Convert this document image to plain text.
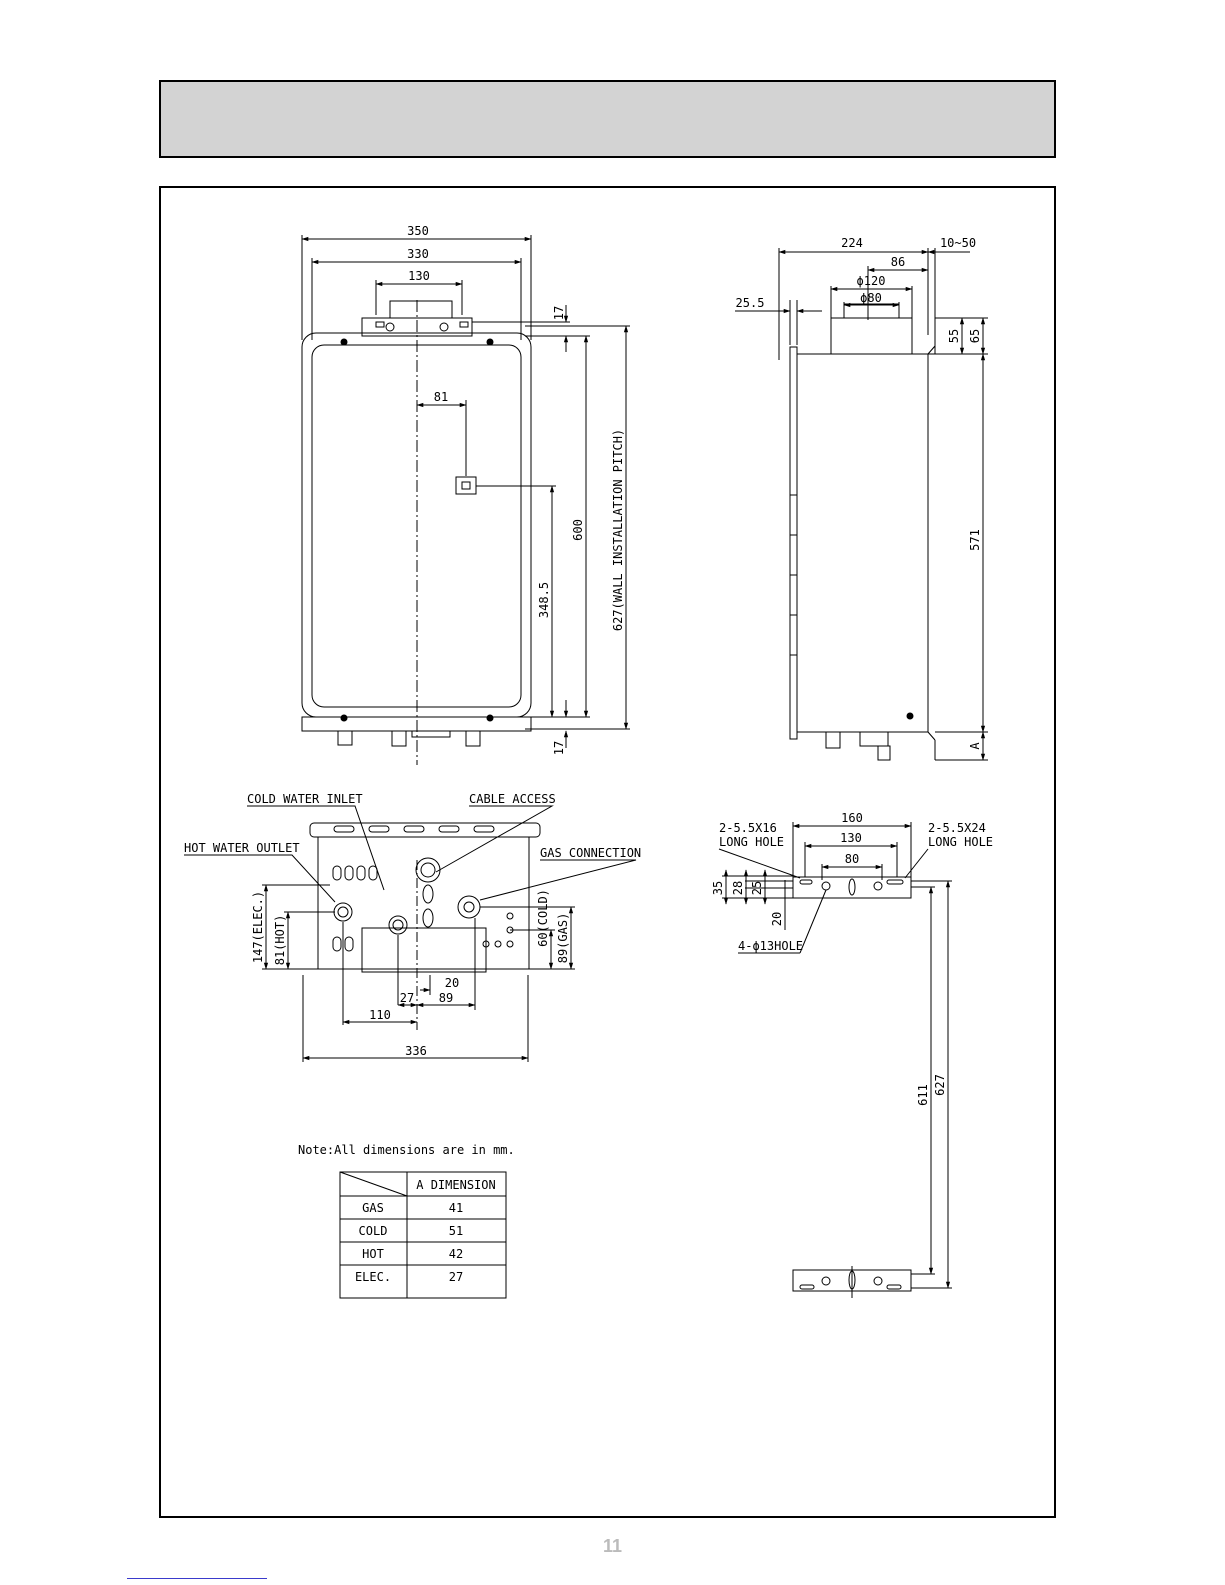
350
330
130
81
17
600 627(WALL INSTALLATION PITCH)
348.5
17
224	10~50
86
ϕ120
ϕ80
25.5
55 65
571
A
COLD WATER INLET	CABLE ACCESS
HOT WATER OUTLET	GAS CONNECTION
147(ELEC.) 81(HOT)	60(COLD) 89(GAS)
20
27 89
110
336
160
130
80
2-5.5X16
LONG HOLE
2-5.5X24
LONG HOLE
4-ϕ13HOLE
35 28 25
20
611 627
Note:All dimensions are in mm.
A DIMENSION
GAS	41
COLD	51
HOT	42
ELEC.	27
11
